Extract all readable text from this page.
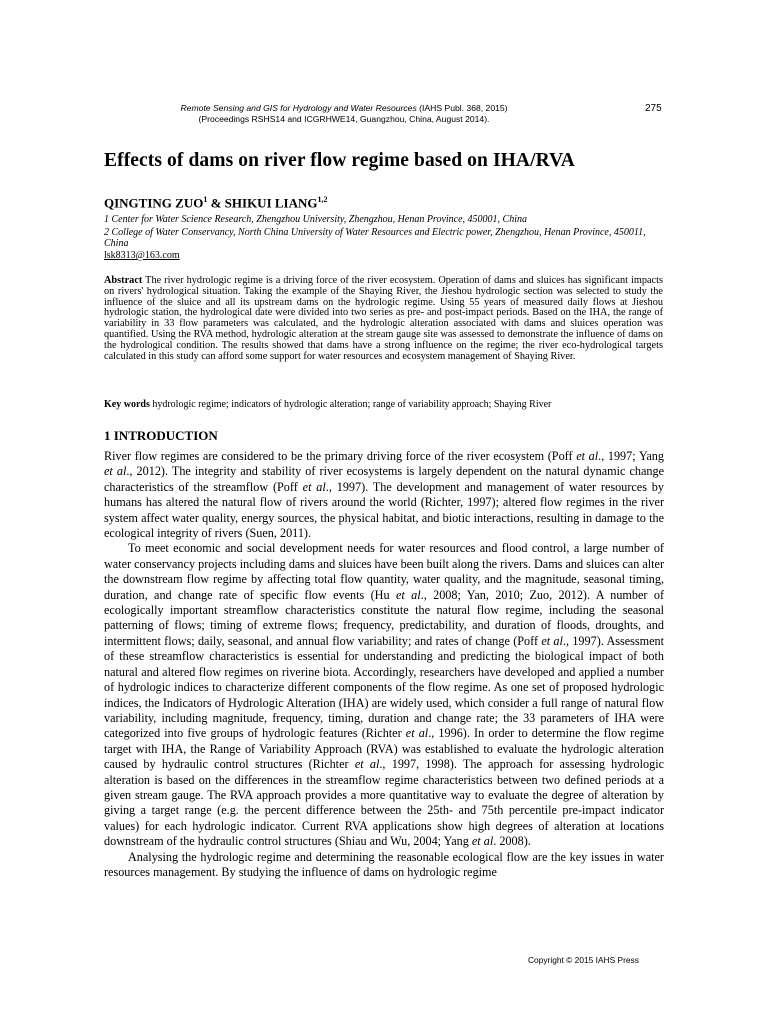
Remote Sensing and GIS for Hydrology and Water Resources (IAHS Publ. 368, 2015)
(Proceedings RSHS14 and ICGRHWE14, Guangzhou, China, August 2014).
275
Effects of dams on river flow regime based on IHA/RVA
QINGTING ZUO$^1$ & SHIKUI LIANG$^{1,2}$
1 Center for Water Science Research, Zhengzhou University, Zhengzhou, Henan Province, 450001, China
2 College of Water Conservancy, North China University of Water Resources and Electric power, Zhengzhou, Henan Province, 450011, China
lsk8313@163.com
Abstract The river hydrologic regime is a driving force of the river ecosystem. Operation of dams and sluices has significant impacts on rivers' hydrological situation. Taking the example of the Shaying River, the Jieshou hydrologic section was selected to study the influence of the sluice and all its upstream dams on the hydrologic regime. Using 55 years of measured daily flows at Jieshou hydrologic station, the hydrological date were divided into two series as pre- and post-impact periods. Based on the IHA, the range of variability in 33 flow parameters was calculated, and the hydrologic alteration associated with dams and sluices operation was quantified. Using the RVA method, hydrologic alteration at the stream gauge site was assessed to demonstrate the influence of dams on the hydrological condition. The results showed that dams have a strong influence on the regime; the river eco-hydrological targets calculated in this study can afford some support for water resources and ecosystem management of Shaying River.
Key words hydrologic regime; indicators of hydrologic alteration; range of variability approach; Shaying River
1 INTRODUCTION

River flow regimes are considered to be the primary driving force of the river ecosystem (Poff et al., 1997; Yang et al., 2012). The integrity and stability of river ecosystems is largely dependent on the natural dynamic change characteristics of the streamflow (Poff et al., 1997). The development and management of water resources by humans has altered the natural flow of rivers around the world (Richter, 1997); altered flow regimes in the river system affect water quality, energy sources, the physical habitat, and biotic interactions, resulting in damage to the ecological integrity of rivers (Suen, 2011).

To meet economic and social development needs for water resources and flood control, a large number of water conservancy projects including dams and sluices have been built along the rivers. Dams and sluices can alter the downstream flow regime by affecting total flow quantity, water quality, and the magnitude, seasonal timing, duration, and change rate of specific flow events (Hu et al., 2008; Yan, 2010; Zuo, 2012). A number of ecologically important streamflow characteristics constitute the natural flow regime, including the seasonal patterning of flows; timing of extreme flows; frequency, predictability, and duration of floods, droughts, and intermittent flows; daily, seasonal, and annual flow variability; and rates of change (Poff et al., 1997). Assessment of these streamflow characteristics is essential for understanding and predicting the biological impact of both natural and altered flow regimes on riverine biota. Accordingly, researchers have developed and applied a number of hydrologic indices to characterize different components of the flow regime. As one set of proposed hydrologic indices, the Indicators of Hydrologic Alteration (IHA) are widely used, which consider a full range of natural flow variability, including magnitude, frequency, timing, duration and change rate; the 33 parameters of IHA were categorized into five groups of hydrologic features (Richter et al., 1996). In order to determine the flow regime target with IHA, the Range of Variability Approach (RVA) was established to evaluate the hydrologic alteration caused by hydraulic control structures (Richter et al., 1997, 1998). The approach for assessing hydrologic alteration is based on the differences in the streamflow regime characteristics between two defined periods at a given stream gauge. The RVA approach provides a more quantitative way to evaluate the degree of alteration by giving a target range (e.g. the percent difference between the 25th- and 75th percentile pre-impact indicator values) for each hydrologic indicator. Current RVA applications show high degrees of alteration at locations downstream of the hydraulic control structures (Shiau and Wu, 2004; Yang et al. 2008).

Analysing the hydrologic regime and determining the reasonable ecological flow are the key issues in water resources management. By studying the influence of dams on hydrologic regime

Copyright © 2015 IAHS Press
